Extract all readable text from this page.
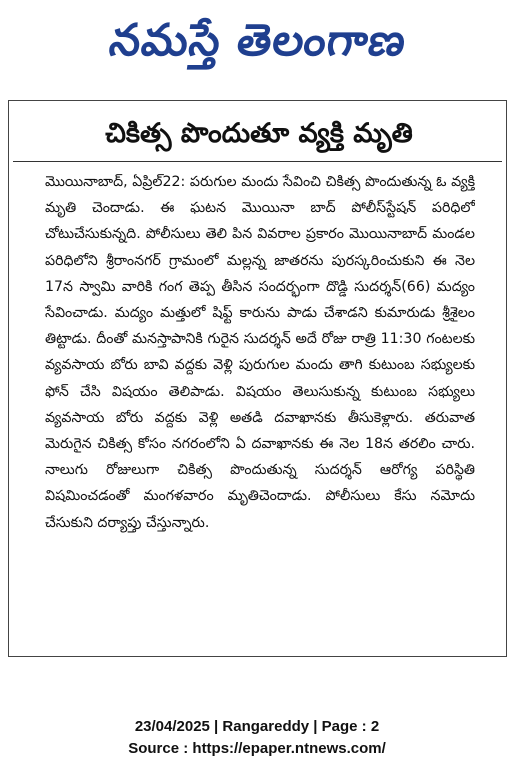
నమస్తే తెలంగాణ
చికిత్స పొందుతూ వ్యక్తి మృతి

మొయినాబాద్, ఏప్రిల్22: పరుగుల మందు సేవించి చికిత్స పొందుతున్న ఓ వ్యక్తి మృతి చెందాడు. ఈ ఘటన మొయినా బాద్ పోలీస్‌స్టేషన్ పరిధిలో చోటుచేసుకున్నది. పోలీసులు తెలి పిన వివరాల ప్రకారం మొయినాబాద్ మండల పరిధిలోని శ్రీరాంనగర్ గ్రామంలో మల్లన్న జాతరను పురస్కరించుకుని ఈ నెల 17న స్వామి వారికి గంగ తెప్ప తీసిన సందర్భంగా దొడ్డి సుదర్శన్(66) మద్యం సేవించాడు. మద్యం మత్తులో షిఫ్ట్ కారును పాడు చేశాడని కుమారుడు శ్రీశైలం తిట్టాడు. దీంతో మనస్తాపానికి గురైన సుదర్శన్ అదే రోజు రాత్రి 11:30 గంటలకు వ్యవసాయ బోరు బావి వద్దకు వెళ్లి పురుగుల మందు తాగి కుటుంబ సభ్యులకు ఫోన్ చేసి విషయం తెలిపాడు. విషయం తెలుసుకున్న కుటుంబ సభ్యులు వ్యవసాయ బోరు వద్దకు వెళ్లి అతడి దవాఖానకు తీసుకెళ్లారు. తరువాత మెరుగైన చికిత్స కోసం నగరంలోని ఏ దవాఖానకు ఈ నెల 18న తరలిం చారు. నాలుగు రోజులుగా చికిత్స పొందుతున్న సుదర్శన్ ఆరోగ్య పరిస్థితి విషమించడంతో మంగళవారం మృతిచెందాడు. పోలీసులు కేసు నమోదు చేసుకుని దర్యాప్తు చేస్తున్నారు.

23/04/2025 | Rangareddy | Page : 2
Source : https://epaper.ntnews.com/
